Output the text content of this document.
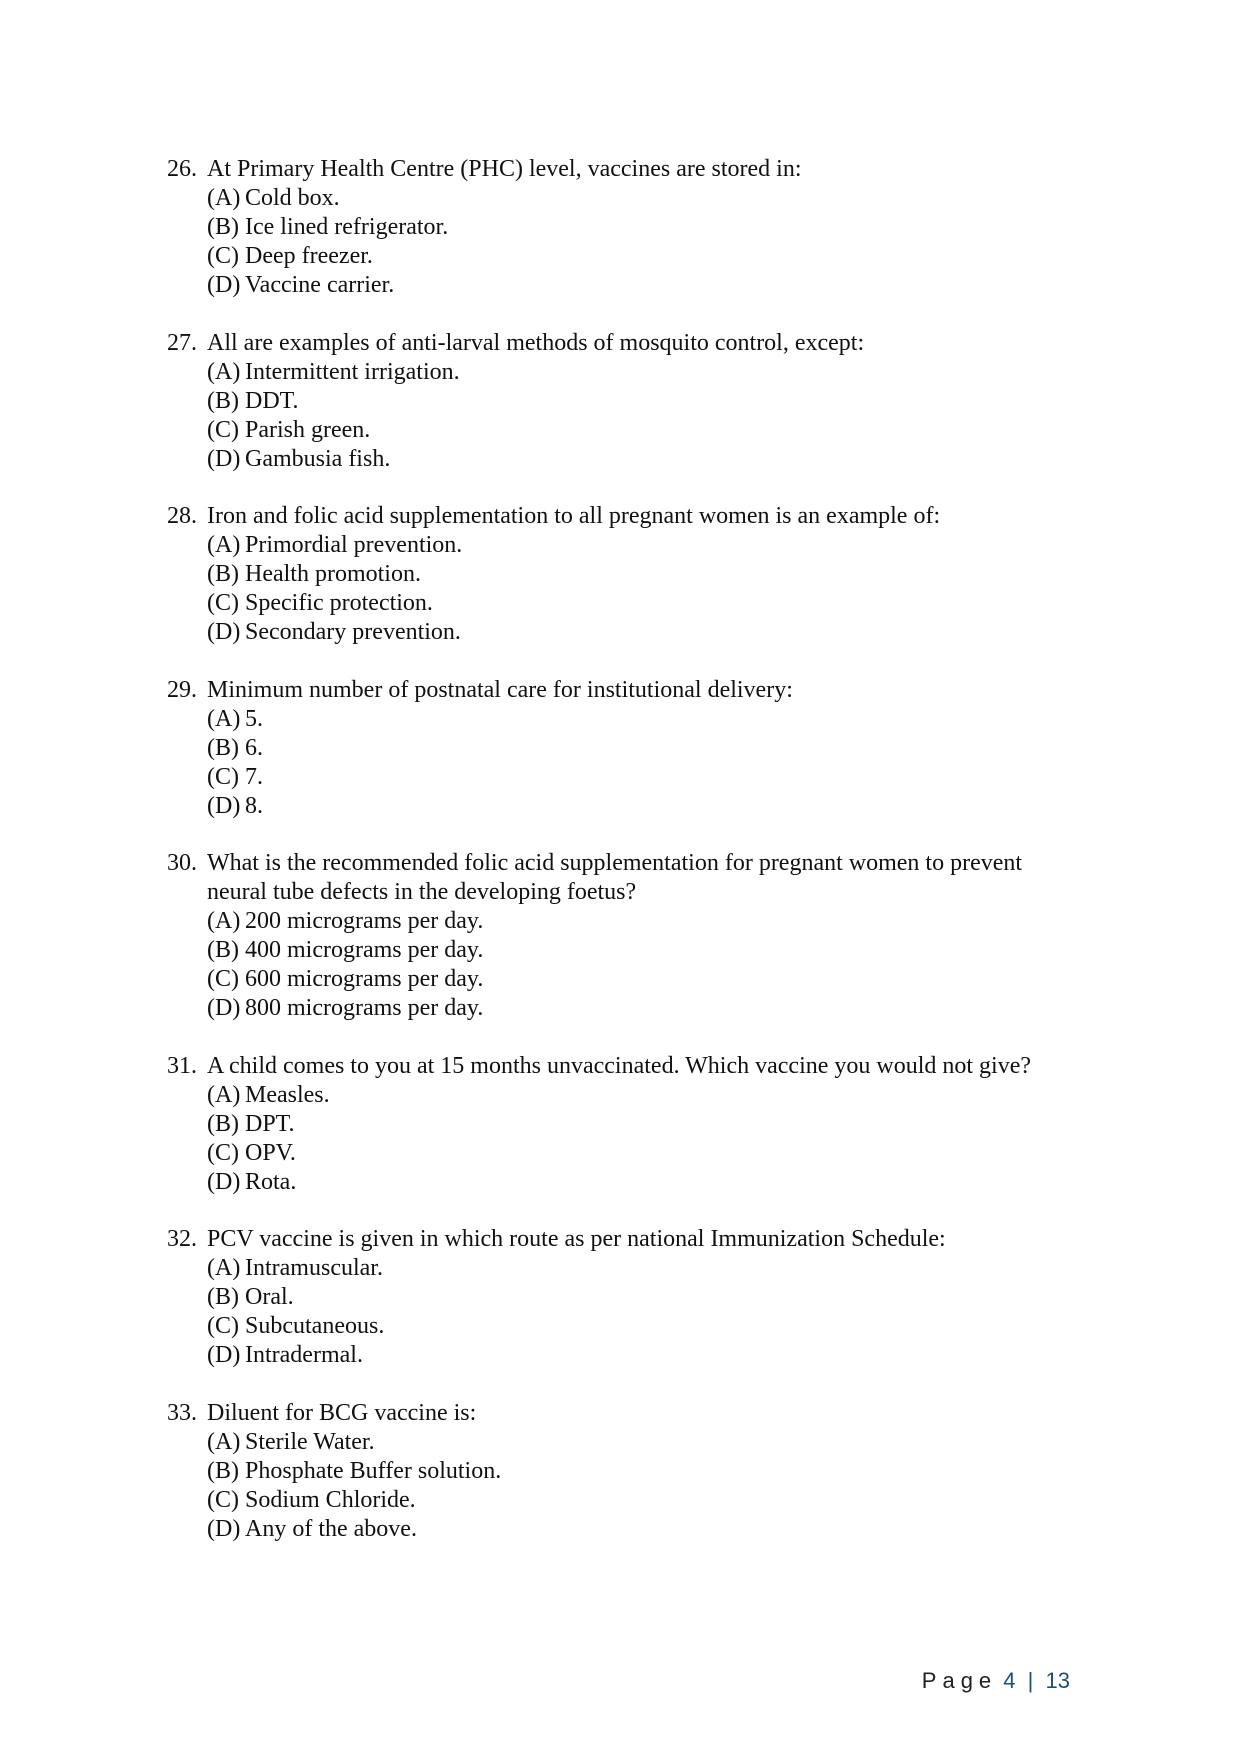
26. At Primary Health Centre (PHC) level, vaccines are stored in:
(A) Cold box.
(B) Ice lined refrigerator.
(C) Deep freezer.
(D) Vaccine carrier.
27. All are examples of anti-larval methods of mosquito control, except:
(A) Intermittent irrigation.
(B) DDT.
(C) Parish green.
(D) Gambusia fish.
28. Iron and folic acid supplementation to all pregnant women is an example of:
(A) Primordial prevention.
(B) Health promotion.
(C) Specific protection.
(D) Secondary prevention.
29. Minimum number of postnatal care for institutional delivery:
(A) 5.
(B) 6.
(C) 7.
(D) 8.
30. What is the recommended folic acid supplementation for pregnant women to prevent neural tube defects in the developing foetus?
(A) 200 micrograms per day.
(B) 400 micrograms per day.
(C) 600 micrograms per day.
(D) 800 micrograms per day.
31. A child comes to you at 15 months unvaccinated. Which vaccine you would not give?
(A) Measles.
(B) DPT.
(C) OPV.
(D) Rota.
32. PCV vaccine is given in which route as per national Immunization Schedule:
(A) Intramuscular.
(B) Oral.
(C) Subcutaneous.
(D) Intradermal.
33. Diluent for BCG vaccine is:
(A) Sterile Water.
(B) Phosphate Buffer solution.
(C) Sodium Chloride.
(D) Any of the above.
Page 4 | 13
